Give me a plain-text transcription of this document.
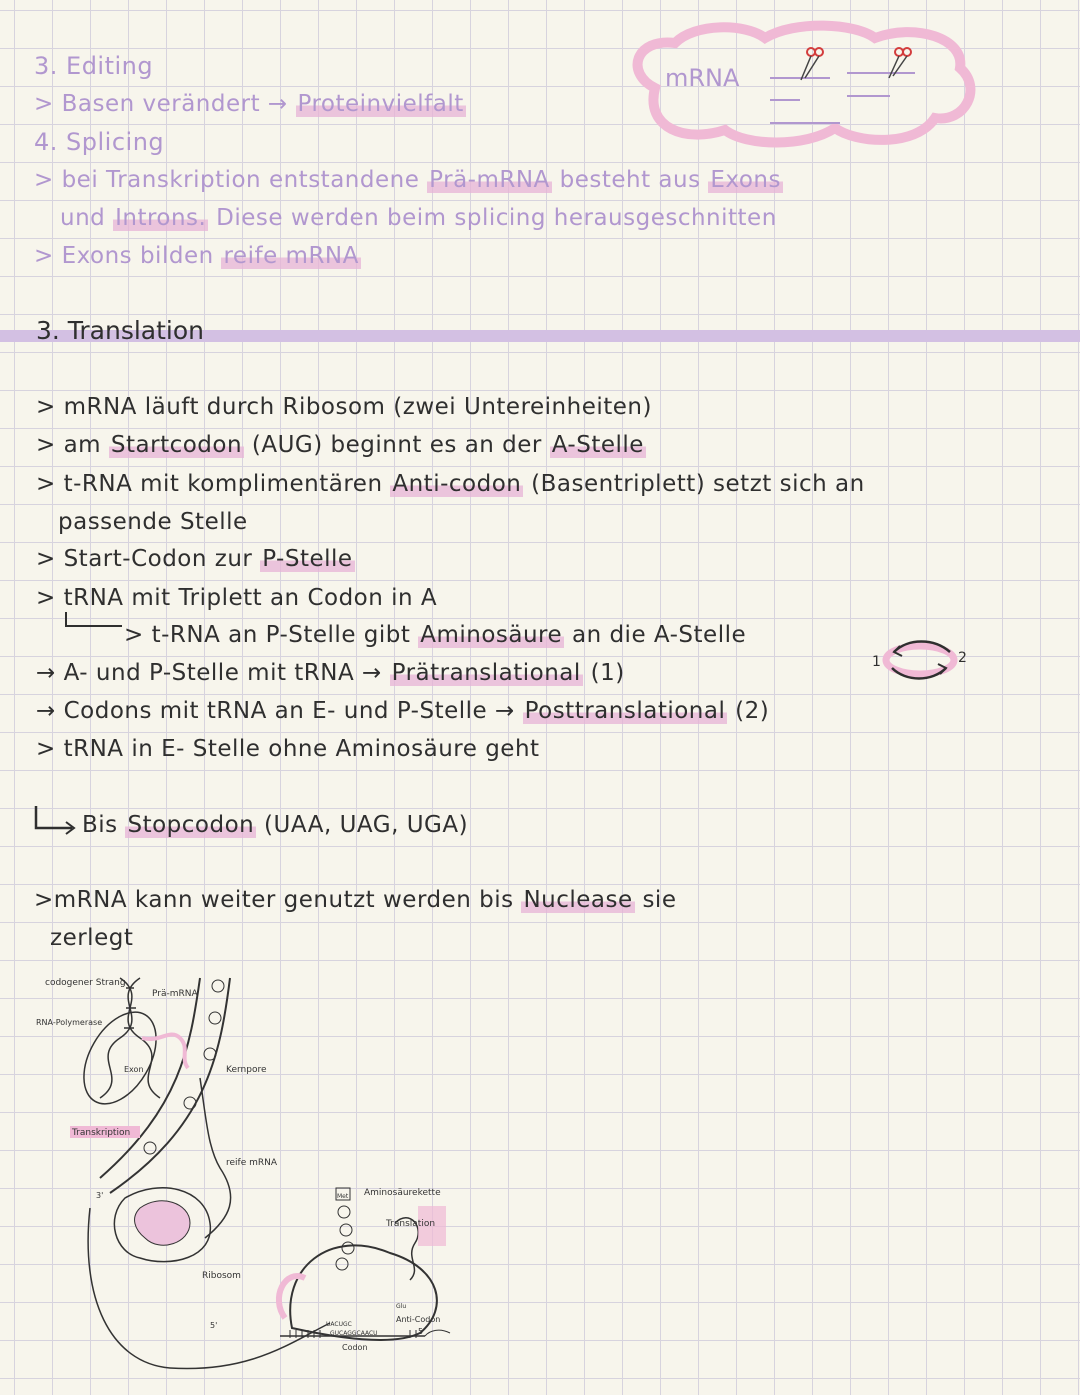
3. Editing
> Basen verändert → Proteinvielfalt
4. Splicing
> bei Transkription entstandene Prä-mRNA besteht aus Exons
und Introns. Diese werden beim splicing herausgeschnitten
> Exons bilden reife mRNA
mRNA
3. Translation
> mRNA läuft durch Ribosom (zwei Untereinheiten)
> am Startcodon (AUG) beginnt es an der A-Stelle
> t-RNA mit komplimentären Anti-codon (Basentriplett) setzt sich an
passende Stelle
> Start-Codon zur P-Stelle
> tRNA mit Triplett an Codon in A
> t-RNA an P-Stelle gibt Aminosäure an die A-Stelle
→ A- und P-Stelle mit tRNA → Prätranslational (1)	1	2
→ Codons mit tRNA an E- und P-Stelle → Posttranslational (2)
> tRNA in E- Stelle ohne Aminosäure geht
Bis Stopcodon (UAA, UAG, UGA)
>mRNA kann weiter genutzt werden bis Nuclease sie
zerlegt
codogener Strang
Prä-mRNA
RNA-Polymerase
Exon	Kernpore
Transkription
reife mRNA
Aminosäurekette
Translation
Ribosom
Anti-Codon
Codon
Met
Glu
UACUGC
GUCAGGCAACU
3'
5'
5'
